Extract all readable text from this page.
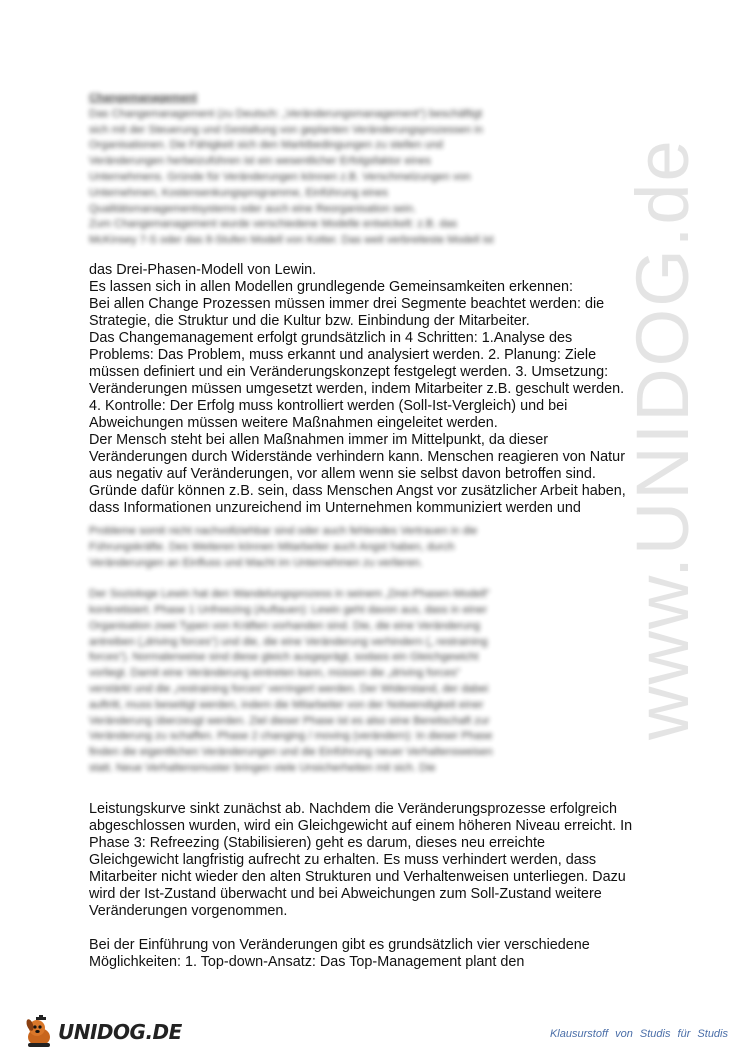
www.UNIDOG.de
Changemanagement
Das Changemanagement (zu Deutsch: „Veränderungsmanagement“) beschäftigt
sich mit der Steuerung und Gestaltung von geplanten Veränderungsprozessen in
Organisationen. Die Fähigkeit sich den Marktbedingungen zu stellen und
Veränderungen herbeizuführen ist ein wesentlicher Erfolgsfaktor eines
Unternehmens. Gründe für Veränderungen können z.B. Verschmelzungen von
Unternehmen, Kostensenkungsprogramme, Einführung eines
Qualitätsmanagementsystems oder auch eine Reorganisation sein.
Zum Changemanagement wurde verschiedene Modelle entwickelt: z.B. das
McKinsey 7-S oder das 8-Stufen Modell von Kotter. Das weit verbreiteste Modell ist
das Drei-Phasen-Modell von Lewin.
Es lassen sich in allen Modellen grundlegende Gemeinsamkeiten erkennen:
Bei allen Change Prozessen müssen immer drei Segmente beachtet werden: die
Strategie, die Struktur und die Kultur bzw. Einbindung der Mitarbeiter.
Das Changemanagement erfolgt grundsätzlich in 4 Schritten: 1.Analyse des
Problems: Das Problem, muss erkannt und analysiert werden. 2. Planung: Ziele
müssen definiert und ein Veränderungskonzept festgelegt werden. 3. Umsetzung:
Veränderungen müssen umgesetzt werden, indem Mitarbeiter z.B. geschult werden.
4. Kontrolle: Der Erfolg muss kontrolliert werden (Soll-Ist-Vergleich) und bei
Abweichungen müssen weitere Maßnahmen eingeleitet werden.
Der Mensch steht bei allen Maßnahmen immer im Mittelpunkt, da dieser
Veränderungen durch Widerstände verhindern kann. Menschen reagieren von Natur
aus negativ auf Veränderungen, vor allem wenn sie selbst davon betroffen sind.
Gründe dafür können z.B. sein, dass Menschen Angst vor zusätzlicher Arbeit haben,
dass Informationen unzureichend im Unternehmen kommuniziert werden und
Probleme somit nicht nachvollziehbar sind oder auch fehlendes Vertrauen in die
Führungskräfte. Des Weiteren können Mitarbeiter auch Angst haben, durch
Veränderungen an Einfluss und Macht im Unternehmen zu verlieren.
Der Soziologe Lewin hat den Wandelungsprozess in seinem „Drei-Phasen-Modell“
konkretisiert. Phase 1 Unfreezing (Auftauen): Lewin geht davon aus, dass in einer
Organisation zwei Typen von Kräften vorhanden sind. Die, die eine Veränderung
antreiben („driving forces“) und die, die eine Veränderung verhindern („ restraining
forces“). Normalerweise sind diese gleich ausgeprägt, sodass ein Gleichgewicht
vorliegt. Damit eine Veränderung eintreten kann, müssen die „driving forces“
verstärkt und die „restraining forces“ verringert werden. Der Widerstand, der dabei
auftritt, muss beseitigt werden, indem die Mitarbeiter von der Notwendigkeit einer
Veränderung überzeugt werden. Ziel dieser Phase ist es also eine Bereitschaft zur
Veränderung zu schaffen. Phase 2 changing / moving (verändern): In dieser Phase
finden die eigentlichen Veränderungen und die Einführung neuer Verhaltensweisen
statt. Neue Verhaltensmuster bringen viele Unsicherheiten mit sich. Die
Leistungskurve sinkt zunächst ab. Nachdem die Veränderungsprozesse erfolgreich
abgeschlossen wurden, wird ein Gleichgewicht auf einem höheren Niveau erreicht. In
Phase 3: Refreezing (Stabilisieren) geht es darum, dieses neu erreichte
Gleichgewicht langfristig aufrecht zu erhalten. Es muss verhindert werden, dass
Mitarbeiter nicht wieder den alten Strukturen und Verhaltenweisen unterliegen. Dazu
wird der Ist-Zustand überwacht und bei Abweichungen zum Soll-Zustand weitere
Veränderungen vorgenommen.
Bei der Einführung von Veränderungen gibt es grundsätzlich vier verschiedene
Möglichkeiten: 1. Top-down-Ansatz: Das Top-Management plant den
UNIDOG.DE	Klausurstoff von Studis für Studis
